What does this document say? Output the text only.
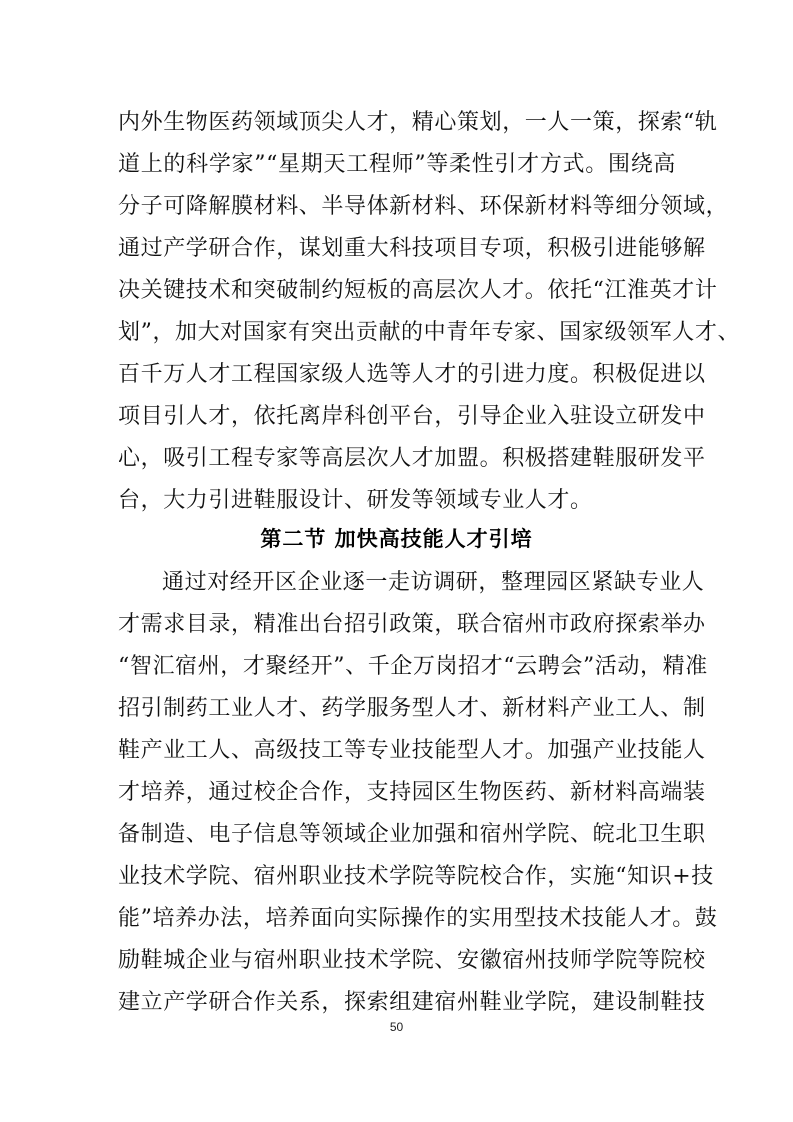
内外生物医药领域顶尖人才，精心策划，一人一策，探索“轨
道上的科学家”“星期天工程师”等柔性引才方式。围绕高
分子可降解膜材料、半导体新材料、环保新材料等细分领域，
通过产学研合作，谋划重大科技项目专项，积极引进能够解
决关键技术和突破制约短板的高层次人才。依托“江淮英才计
划”，加大对国家有突出贡献的中青年专家、国家级领军人才、
百千万人才工程国家级人选等人才的引进力度。积极促进以
项目引人才，依托离岸科创平台，引导企业入驻设立研发中
心，吸引工程专家等高层次人才加盟。积极搭建鞋服研发平
台，大力引进鞋服设计、研发等领域专业人才。
第二节 加快高技能人才引培
通过对经开区企业逐一走访调研，整理园区紧缺专业人
才需求目录，精准出台招引政策，联合宿州市政府探索举办
“智汇宿州，才聚经开”、千企万岗招才“云聘会”活动，精准
招引制药工业人才、药学服务型人才、新材料产业工人、制
鞋产业工人、高级技工等专业技能型人才。加强产业技能人
才培养，通过校企合作，支持园区生物医药、新材料高端装
备制造、电子信息等领域企业加强和宿州学院、皖北卫生职
业技术学院、宿州职业技术学院等院校合作，实施“知识+技
能”培养办法，培养面向实际操作的实用型技术技能人才。鼓
励鞋城企业与宿州职业技术学院、安徽宿州技师学院等院校
建立产学研合作关系，探索组建宿州鞋业学院，建设制鞋技
50
